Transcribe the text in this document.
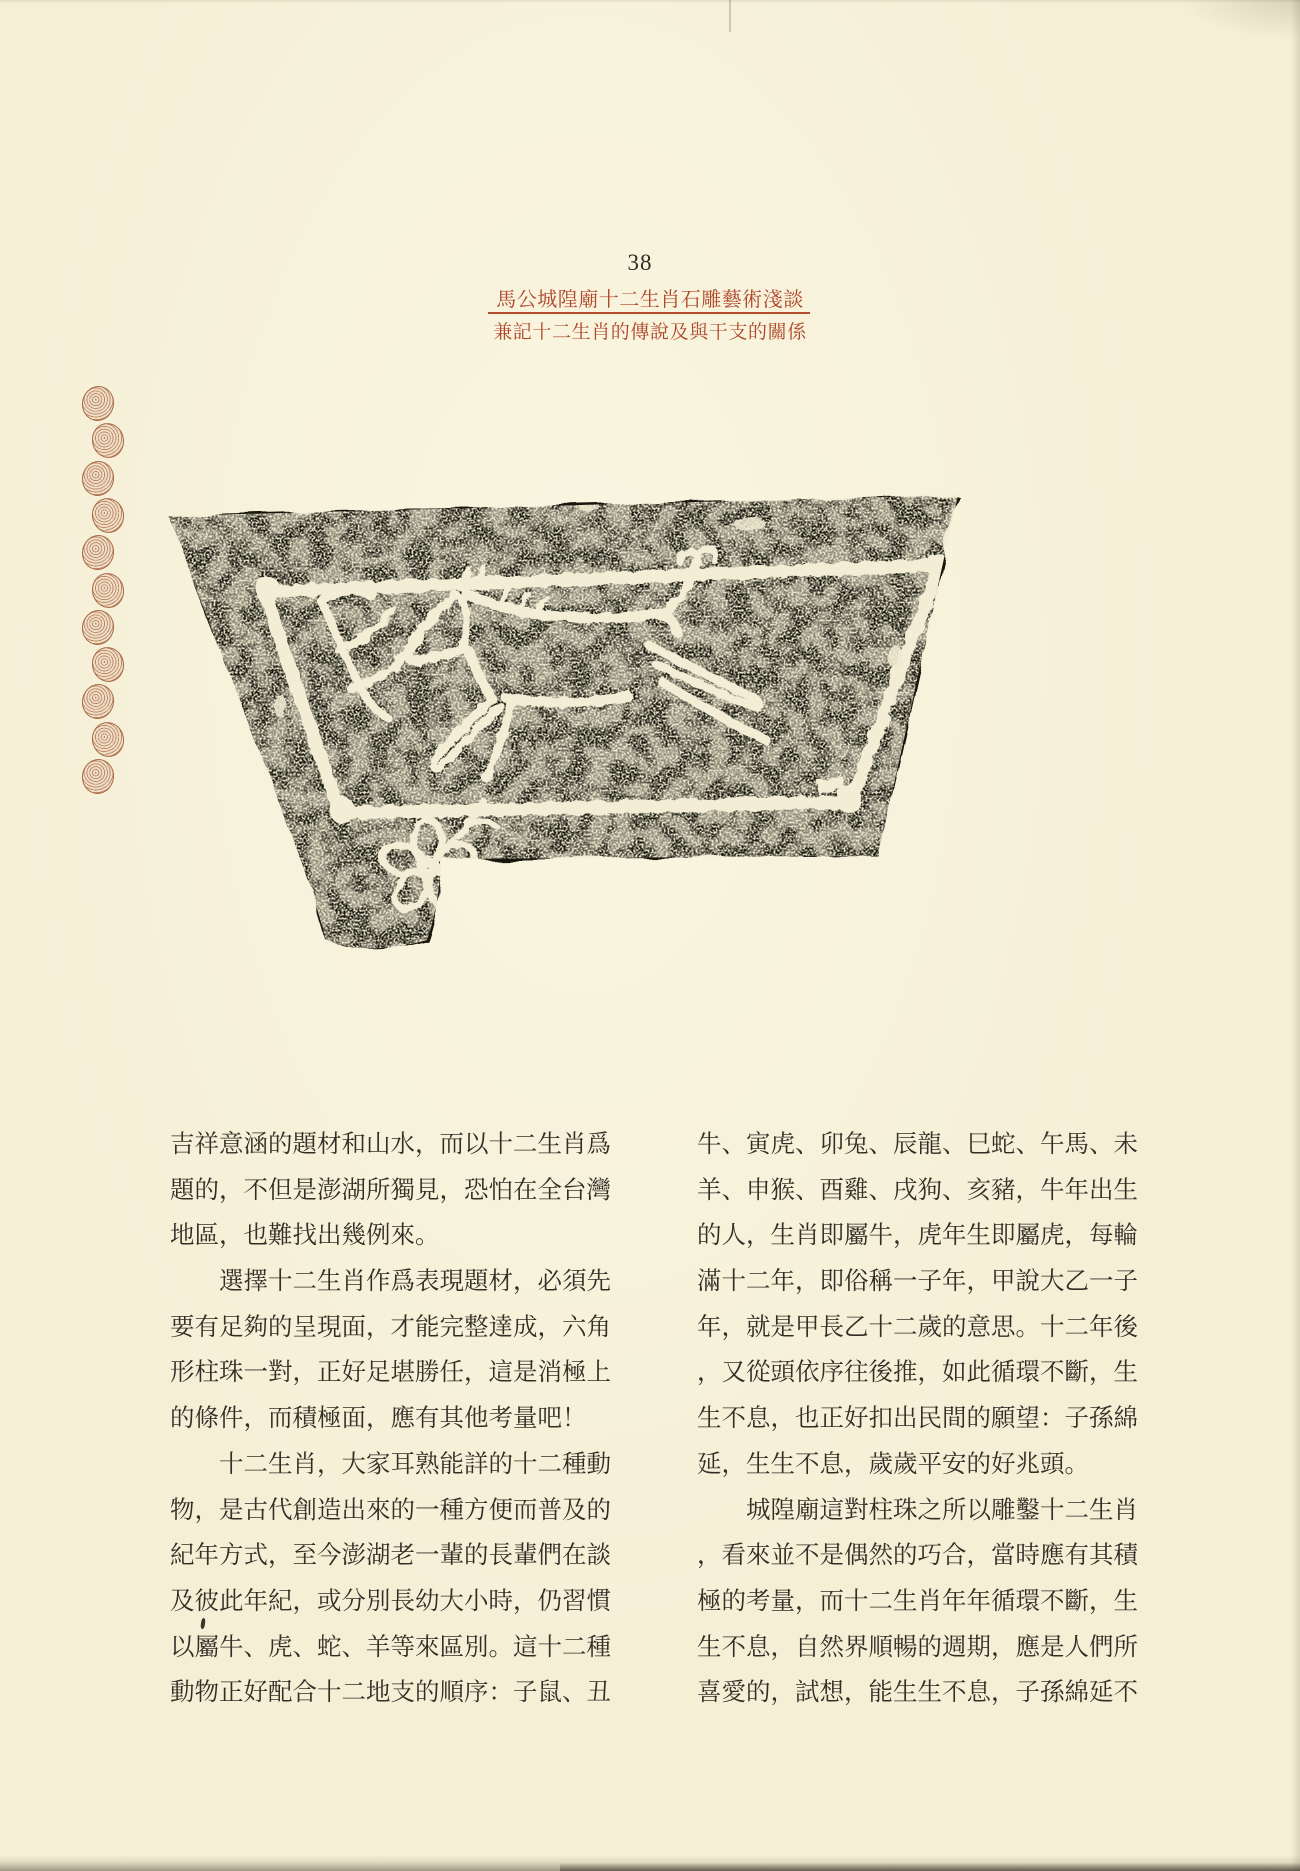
38
馬公城隍廟十二生肖石雕藝術淺談
兼記十二生肖的傳說及與干支的關係
吉祥意涵的題材和山水，而以十二生肖爲
題的，不但是澎湖所獨見，恐怕在全台灣
地區，也難找出幾例來。
　　選擇十二生肖作爲表現題材，必須先
要有足夠的呈現面，才能完整達成，六角
形柱珠一對，正好足堪勝任，這是消極上
的條件，而積極面，應有其他考量吧！
　　十二生肖，大家耳熟能詳的十二種動
物，是古代創造出來的一種方便而普及的
紀年方式，至今澎湖老一輩的長輩們在談
及彼此年紀，或分別長幼大小時，仍習慣
以屬牛、虎、蛇、羊等來區別。這十二種
動物正好配合十二地支的順序：子鼠、丑
牛、寅虎、卯兔、辰龍、巳蛇、午馬、未
羊、申猴、酉雞、戌狗、亥豬，牛年出生
的人，生肖即屬牛，虎年生即屬虎，每輪
滿十二年，即俗稱一子年，甲說大乙一子
年，就是甲長乙十二歲的意思。十二年後
，又從頭依序往後推，如此循環不斷，生
生不息，也正好扣出民間的願望：子孫綿
延，生生不息，歲歲平安的好兆頭。
　　城隍廟這對柱珠之所以雕鑿十二生肖
，看來並不是偶然的巧合，當時應有其積
極的考量，而十二生肖年年循環不斷，生
生不息，自然界順暢的週期，應是人們所
喜愛的，試想，能生生不息，子孫綿延不
